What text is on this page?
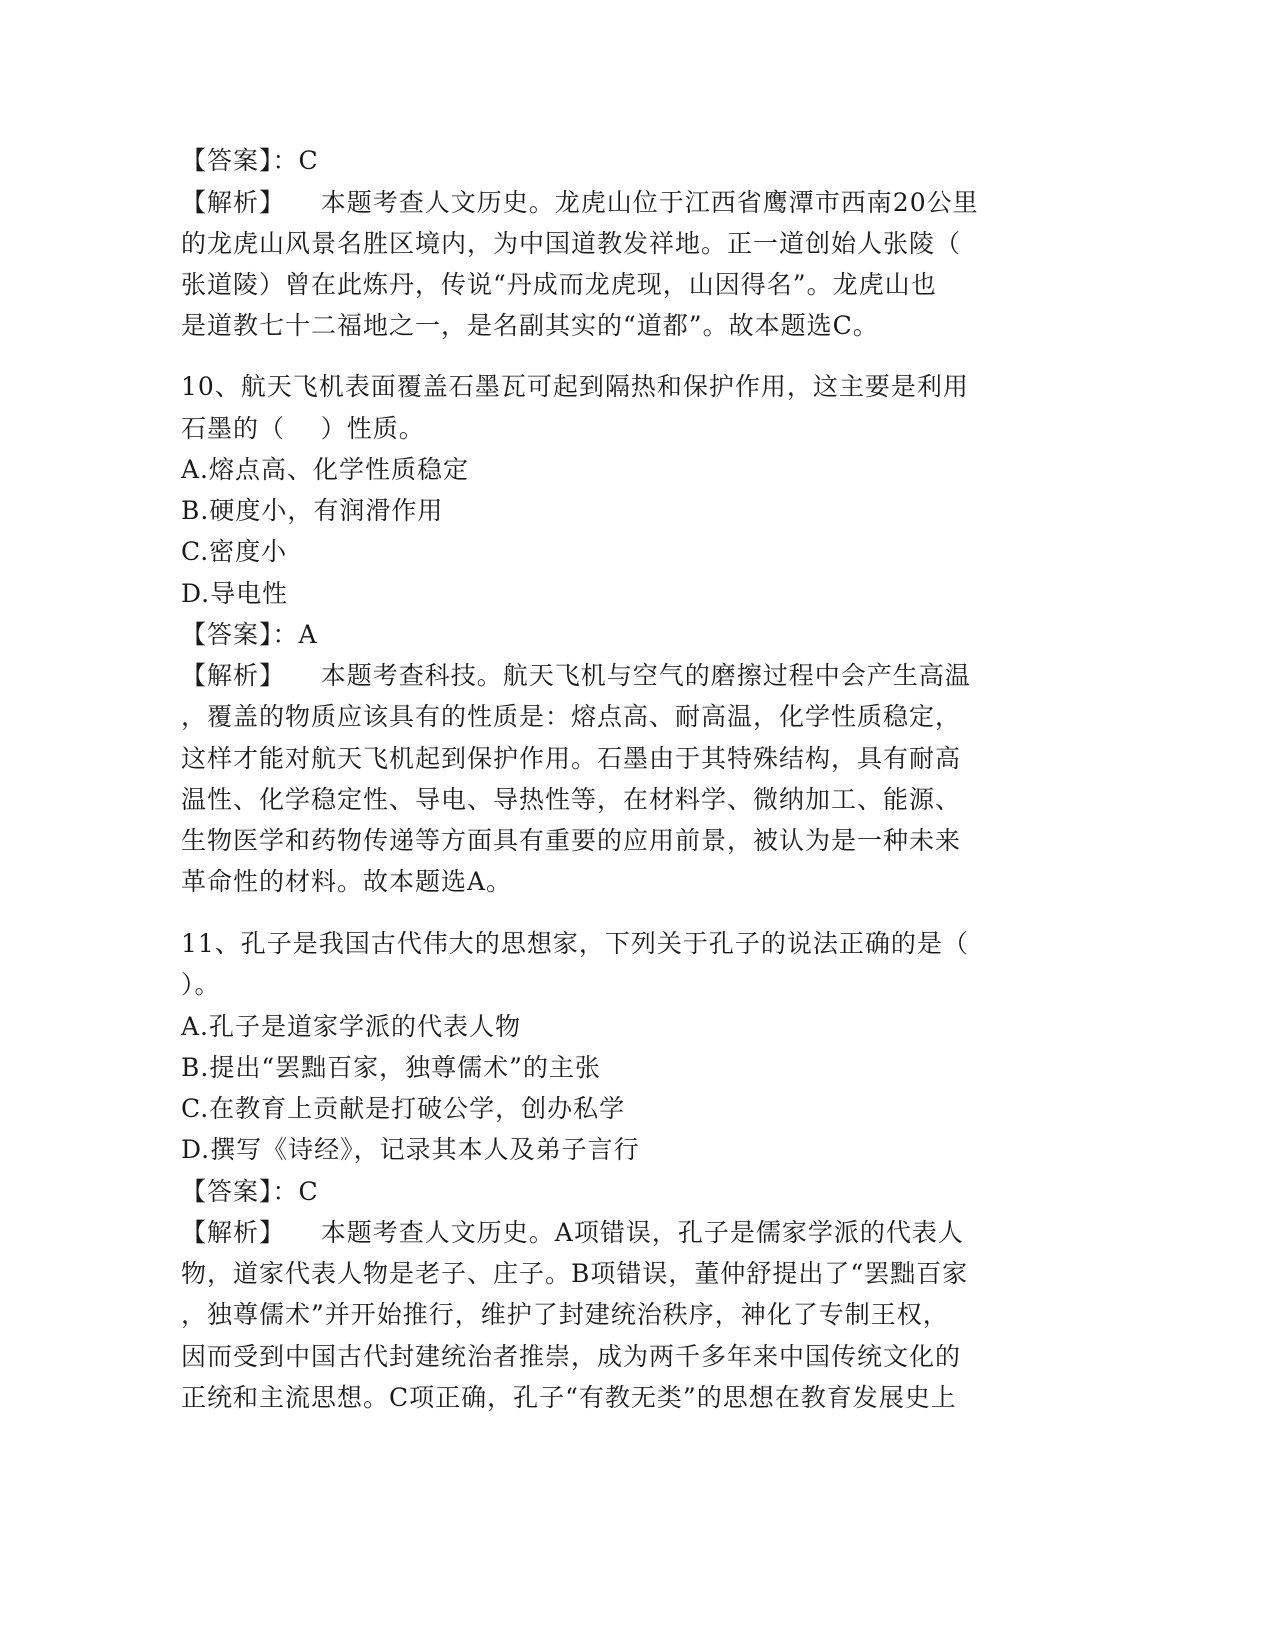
【答案】：C
【解析】    本题考查人文历史。龙虎山位于江西省鹰潭市西南20公里
的龙虎山风景名胜区境内，为中国道教发祥地。正一道创始人张陵（
张道陵）曾在此炼丹，传说“丹成而龙虎现，山因得名”。龙虎山也
是道教七十二福地之一，是名副其实的“道都”。故本题选C。
10、航天飞机表面覆盖石墨瓦可起到隔热和保护作用，这主要是利用
石墨的（    ）性质。
A.熔点高、化学性质稳定
B.硬度小，有润滑作用
C.密度小
D.导电性
【答案】：A
【解析】    本题考查科技。航天飞机与空气的磨擦过程中会产生高温
，覆盖的物质应该具有的性质是：熔点高、耐高温，化学性质稳定，
这样才能对航天飞机起到保护作用。石墨由于其特殊结构，具有耐高
温性、化学稳定性、导电、导热性等，在材料学、微纳加工、能源、
生物医学和药物传递等方面具有重要的应用前景，被认为是一种未来
革命性的材料。故本题选A。
11、孔子是我国古代伟大的思想家，下列关于孔子的说法正确的是（
）。
A.孔子是道家学派的代表人物
B.提出“罢黜百家，独尊儒术”的主张
C.在教育上贡献是打破公学，创办私学
D.撰写《诗经》，记录其本人及弟子言行
【答案】：C
【解析】    本题考查人文历史。A项错误，孔子是儒家学派的代表人
物，道家代表人物是老子、庄子。B项错误，董仲舒提出了“罢黜百家
，独尊儒术”并开始推行，维护了封建统治秩序，神化了专制王权，
因而受到中国古代封建统治者推崇，成为两千多年来中国传统文化的
正统和主流思想。C项正确，孔子“有教无类”的思想在教育发展史上
